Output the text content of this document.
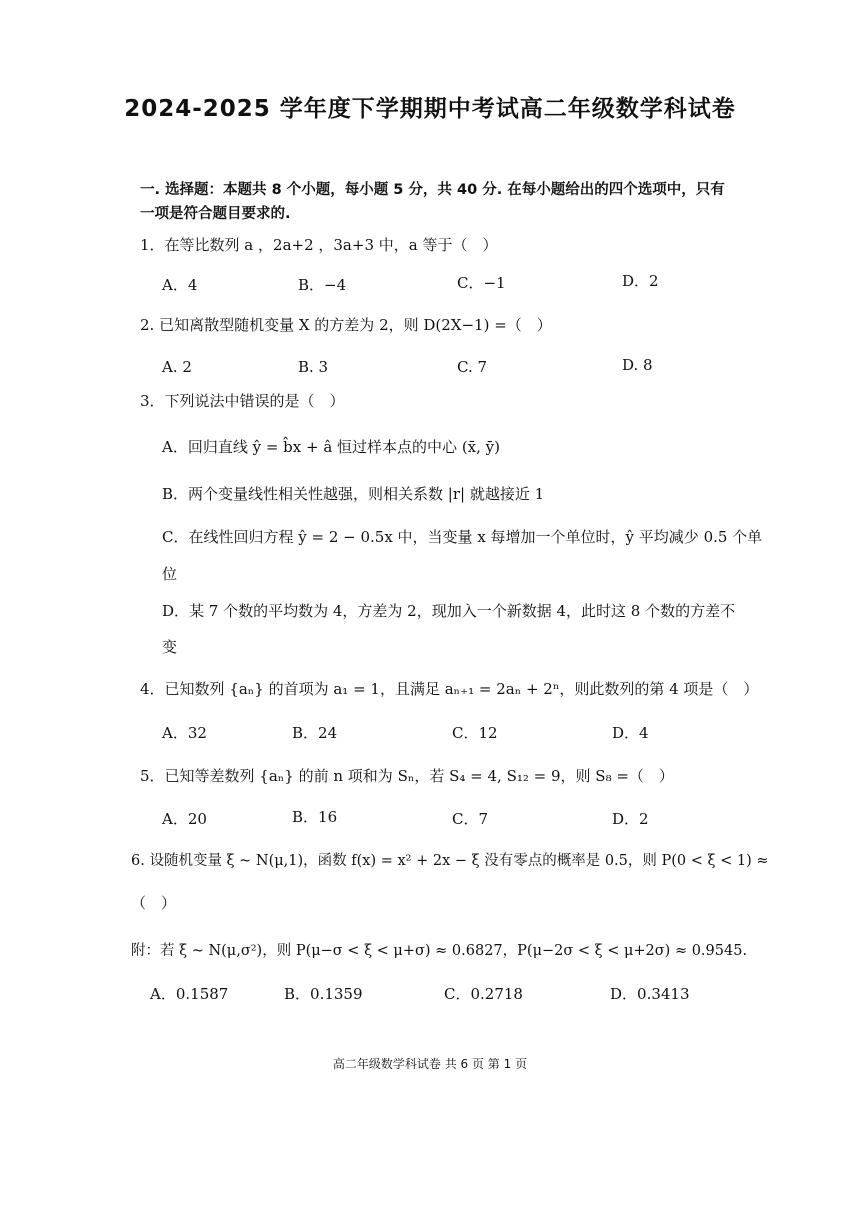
2024-2025 学年度下学期期中考试高二年级数学科试卷
一. 选择题：本题共 8 个小题，每小题 5 分，共 40 分. 在每小题给出的四个选项中，只有
一项是符合题目要求的.
1．在等比数列 a ，2a+2 ，3a+3 中，a 等于（　）
A．4	B．−4	C．−1	D．2
2. 已知离散型随机变量 X 的方差为 2，则 D(2X−1) =（　）
A. 2	B. 3	C. 7	D. 8
3．下列说法中错误的是（　）
A．回归直线 ŷ = b̂x + â 恒过样本点的中心 (x̄, ȳ)
B．两个变量线性相关性越强，则相关系数 |r| 就越接近 1
C．在线性回归方程 ŷ = 2 − 0.5x 中，当变量 x 每增加一个单位时，ŷ 平均减少 0.5 个单
位
D．某 7 个数的平均数为 4，方差为 2，现加入一个新数据 4，此时这 8 个数的方差不
变
4．已知数列 {aₙ} 的首项为 a₁ = 1，且满足 aₙ₊₁ = 2aₙ + 2ⁿ，则此数列的第 4 项是（　）
A．32	B．24	C．12	D．4
5．已知等差数列 {aₙ} 的前 n 项和为 Sₙ，若 S₄ = 4, S₁₂ = 9，则 S₈ =（　）
A．20	B．16	C．7	D．2
6. 设随机变量 ξ ~ N(μ,1)，函数 f(x) = x² + 2x − ξ 没有零点的概率是 0.5，则 P(0 < ξ < 1) ≈
（　）
附：若 ξ ~ N(μ,σ²)，则 P(μ−σ < ξ < μ+σ) ≈ 0.6827，P(μ−2σ < ξ < μ+2σ) ≈ 0.9545.
A．0.1587	B．0.1359	C．0.2718	D．0.3413
高二年级数学科试卷 共 6 页 第 1 页
